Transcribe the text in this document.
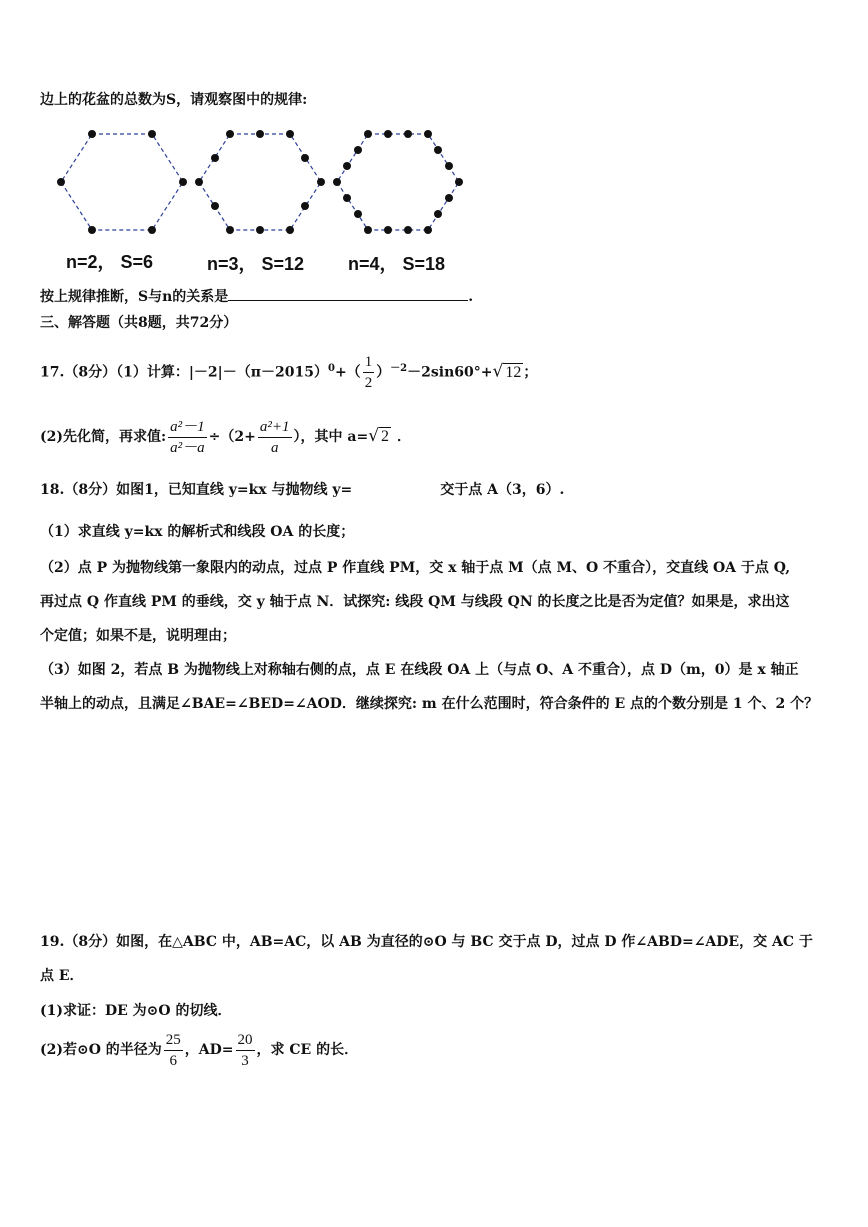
边上的花盆的总数为S，请观察图中的规律:
n=2， S=6	n=3， S=12 n=4， S=18
按上规律推断，S与n的关系是	.
三、解答题（共8题，共72分）
17.（8分）（1）计算：$|-2|-(\pi-2015)^0+( \frac{1}{2} )^{-2}-2\sin 60^\circ+√$ 12 ；
(2)先化简，再求值: $\frac{\text{a²－1}}{\text{a²－a}} \div(2+ \frac{\text{a²+1}}{a}$ ），其中 a=√ 2 ．
18.（8分）如图1，已知直线 y=kx 与抛物线 y=	交于点 A（3，6）.
（1）求直线 y=kx 的解析式和线段 OA 的长度；
（2）点 P 为抛物线第一象限内的动点，过点 P 作直线 PM，交 x 轴于点 M（点 M、O 不重合），交直线 OA 于点 Q,
再过点 Q 作直线 PM 的垂线，交 y 轴于点 N．试探究: 线段 QM 与线段 QN 的长度之比是否为定值？如果是，求出这
个定值；如果不是，说明理由；
（3）如图 2，若点 B 为抛物线上对称轴右侧的点，点 E 在线段 OA 上（与点 O、A 不重合），点 D（m，0）是 x 轴正
半轴上的动点，且满足∠BAE=∠BED=∠AOD．继续探究: m 在什么范围时，符合条件的 E 点的个数分别是 1 个、2 个？
19.（8分）如图，在△ABC 中，AB=AC，以 AB 为直径的⊙O 与 BC 交于点 D，过点 D 作∠ABD=∠ADE，交 AC 于
点 E．
(1)求证：DE 为⊙O 的切线．
(2)若⊙O 的半径为 $\frac{25}{6}$ ，$AD= \frac{20}{3}$ ，求 CE 的长．
